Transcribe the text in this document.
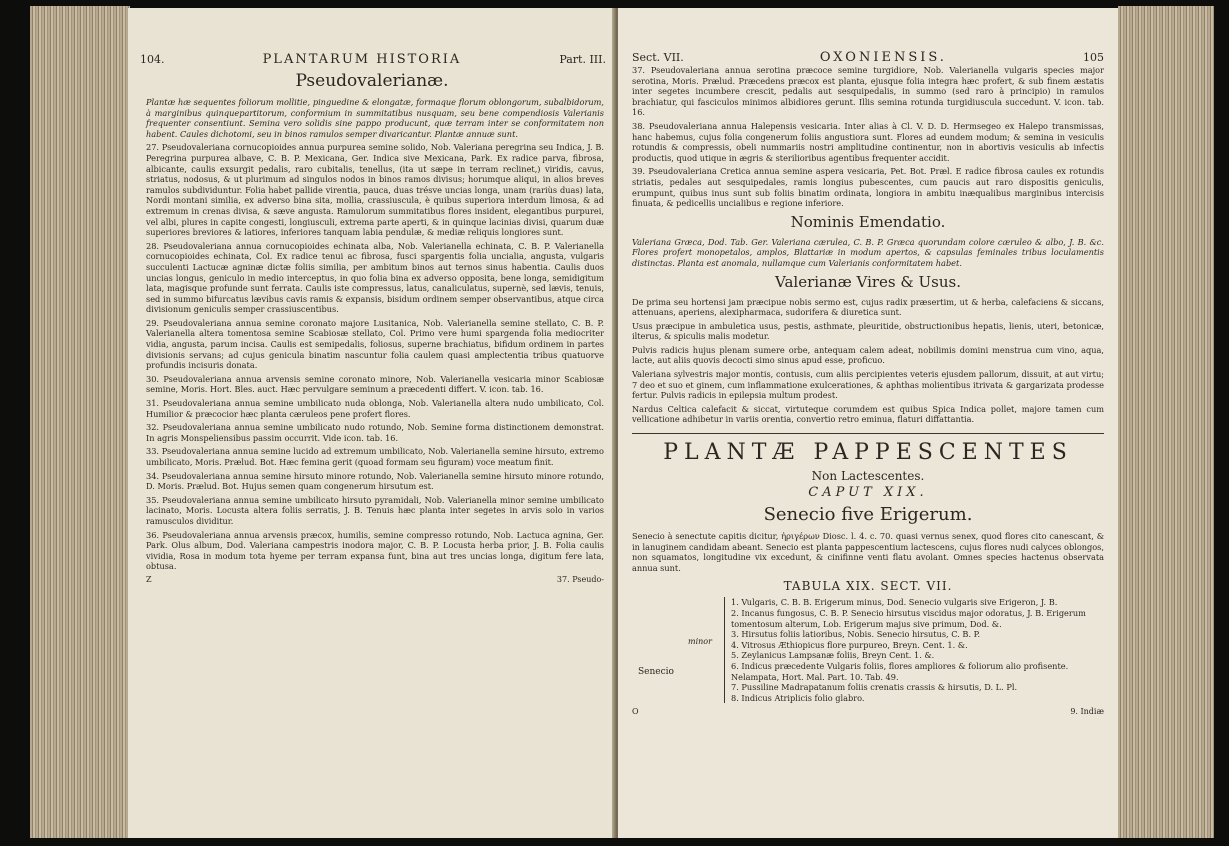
104.	PLANTARUM HISTORIA	Part. III.
Pseudovalerianæ.

Plantæ hæ sequentes foliorum mollitie, pinguedine & elongatæ, formaque florum oblongorum, subalbidorum, à marginibus quinquepartitorum, conformium in summitatibus nusquam, seu bene compendiosis Valerianis frequenter consentiunt. Semina vero solidis sine pappo producunt, quæ terram inter se conformitatem non habent. Caules dichotomi, seu in binos ramulos semper divaricantur. Plantæ annuæ sunt.

27. Pseudovaleriana cornucopioides annua purpurea semine solido, Nob. Valeriana peregrina seu Indica, J. B. Peregrina purpurea albave, C. B. P. Mexicana, Ger. Indica sive Mexicana, Park. Ex radice parva, fibrosa, albicante, caulis exsurgit pedalis, raro cubitalis, tenellus, (ita ut sæpe in terram reclinet,) viridis, cavus, striatus, nodosus, & ut plurimum ad singulos nodos in binos ramos divisus; horumque aliqui, in alios breves ramulos subdividuntur. Folia habet pallide virentia, pauca, duas trésve uncias longa, unam (rariùs duas) lata, Nordi montani similia, ex adverso bina sita, mollia, crassiuscula, è quibus superiora interdum limosa, & ad extremum in crenas divisa, & sæve angusta. Ramulorum summitatibus flores insident, elegantibus purpurei, vel albi, plures in capite congesti, longiusculi, extrema parte aperti, & in quinque lacinias divisi, quarum duæ superiores breviores & latiores, inferiores tanquam labia pendulæ, & mediæ reliquis longiores sunt.

28. Pseudovaleriana annua cornucopioides echinata alba, Nob. Valerianella echinata, C. B. P. Valerianella cornucopioides echinata, Col. Ex radice tenui ac fibrosa, fusci spargentis folia uncialia, angusta, vulgaris succulenti Lactucæ agninæ dictæ foliis similia, per ambitum binos aut ternos sinus habentia. Caulis duos uncias longus, geniculo in medio interceptus, in quo folia bina ex adverso opposita, bene longa, semidigitum lata, magisque profunde sunt ferrata. Caulis iste compressus, latus, canaliculatus, supernè, sed lævis, tenuis, sed in summo bifurcatus lævibus cavis ramis & expansis, bisidum ordinem semper observantibus, atque circa divisionum geniculis semper crassiuscentibus.

29. Pseudovaleriana annua semine coronato majore Lusitanica, Nob. Valerianella semine stellato, C. B. P. Valerianella altera tomentosa semine Scabiosæ stellato, Col. Primo vere humi spargenda folia mediocriter vidia, angusta, parum incisa. Caulis est semipedalis, foliosus, superne brachiatus, bifidum ordinem in partes divisionis servans; ad cujus genicula binatim nascuntur folia caulem quasi amplectentia tribus quatuorve profundis incisuris donata.

30. Pseudovaleriana annua arvensis semine coronato minore, Nob. Valerianella vesicaria minor Scabiosæ semine, Moris. Hort. Bles. auct. Hæc pervulgare seminum a præcedenti differt. V. icon. tab. 16.

31. Pseudovaleriana annua semine umbilicato nuda oblonga, Nob. Valerianella altera nudo umbilicato, Col. Humilior & præcocior hæc planta cæruleos pene profert flores.

32. Pseudovaleriana annua semine umbilicato nudo rotundo, Nob. Semine forma distinctionem demonstrat. In agris Monspeliensibus passim occurrit. Vide icon. tab. 16.

33. Pseudovaleriana annua semine lucido ad extremum umbilicato, Nob. Valerianella semine hirsuto, extremo umbilicato, Moris. Prælud. Bot. Hæc femina gerit (quoad formam seu figuram) voce meatum finit.

34. Pseudovaleriana annua semine hirsuto minore rotundo, Nob. Valerianella semine hirsuto minore rotundo, D. Moris. Prælud. Bot. Hujus semen quam congenerum hirsutum est.

35. Pseudovaleriana annua semine umbilicato hirsuto pyramidali, Nob. Valerianella minor semine umbilicato lacinato, Moris. Locusta altera foliis serratis, J. B. Tenuis hæc planta inter segetes in arvis solo in varios ramusculos dividitur.

36. Pseudovaleriana annua arvensis præcox, humilis, semine compresso rotundo, Nob. Lactuca agnina, Ger. Park. Olus album, Dod. Valeriana campestris inodora major, C. B. P. Locusta herba prior, J. B. Folia caulis vividia, Rosa in modum tota hyeme per terram expansa funt, bina aut tres uncias longa, digitum fere lata, obtusa.

Z	37. Pseudo-
Sect. VII.	OXONIENSIS.	105

37. Pseudovaleriana annua serotina præcoce semine turgidiore, Nob. Valerianella vulgaris species major serotina, Moris. Prælud. Præcedens præcox est planta, ejusque folia integra hæc profert, & sub finem æstatis inter segetes incumbere crescit, pedalis aut sesquipedalis, in summo (sed raro à principio) in ramulos brachiatur, qui fasciculos minimos albidiores gerunt. Illis semina rotunda turgidiuscula succedunt. V. icon. tab. 16.

38. Pseudovaleriana annua Halepensis vesicaria. Inter alias à Cl. V. D. D. Hermsegeo ex Halepo transmissas, hanc habemus, cujus folia congenerum foliis angustiora sunt. Flores ad eundem modum; & semina in vesiculis rotundis & compressis, obeli nummariis nostri amplitudine continentur, non in abortivis vesiculis ab infectis productis, quod utique in ægris & sterilioribus agentibus frequenter accidit.

39. Pseudovaleriana Cretica annua semine aspera vesicaria, Pet. Bot. Præl. E radice fibrosa caules ex rotundis striatis, pedales aut sesquipedales, ramis longius pubescentes, cum paucis aut raro dispositis geniculis, erumpunt, quibus inus sunt sub foliis binatim ordinata, longiora in ambitu inæqualibus marginibus intercisis finuata, & pedicellis uncialibus e regione inferiore.

Nominis Emendatio.

Valeriana Græca, Dod. Tab. Ger. Valeriana cærulea, C. B. P. Græca quorundam colore cæruleo & albo, J. B. &c. Flores profert monopetalos, amplos, Blattariæ in modum apertos, & capsulas feminales tribus loculamentis distinctas. Planta est anomala, nullamque cum Valerianis conformitatem habet.

Valerianæ Vires & Usus.

De prima seu hortensi jam præcipue nobis sermo est, cujus radix præsertim, ut & herba, calefaciens & siccans, attenuans, aperiens, alexipharmaca, sudorifera & diuretica sunt.

Usus præcipue in ambuletica usus, pestis, asthmate, pleuritide, obstructionibus hepatis, lienis, uteri, betonicæ, ilterus, & spiculis malis modetur.

Pulvis radicis hujus plenam sumere orbe, antequam calem adeat, nobilimis domini menstrua cum vino, aqua, lacte, aut aliis quovis decocti simo sinus apud esse, proficuo.

Valeriana sylvestris major montis, contusis, cum aliis percipientes veteris ejusdem pallorum, dissuit, at aut virtu; 7 deo et suo et ginem, cum inflammatione exulcerationes, & aphthas molientibus itrivata & gargarizata prodesse fertur. Pulvis radicis in epilepsia multum prodest.

Nardus Celtica calefacit & siccat, virtuteque corumdem est quibus Spica Indica pollet, majore tamen cum vellicatione adhibetur in variis orentia, convertio retro eminua, flaturi diffattantia.

PLANTÆ PAPPESCENTES
Non Lactescentes.
CAPUT XIX.
Senecio five Erigerum.

Senecio à senectute capitis dicitur, ἠριγέρων Diosc. l. 4. c. 70. quasi vernus senex, quod flores cito canescant, & in lanuginem candidam abeant. Senecio est planta pappescentium lactescens, cujus flores nudi calyces oblongos, non squamatos, longitudine vix excedunt, & cinifinne venti flatu avolant. Omnes species hactenus observata annua sunt.

TABULA XIX. SECT. VII.
minor
Senecio
1. Vulgaris, C. B. B. Erigerum minus, Dod. Senecio vulgaris sive Erigeron, J. B.
2. Incanus fungosus, C. B. P. Senecio hirsutus viscidus major odoratus, J. B. Erigerum tomentosum alterum, Lob. Erigerum majus sive primum, Dod. &.
3. Hirsutus foliis latioribus, Nobis. Senecio hirsutus, C. B. P.
4. Vitrosus Æthiopicus flore purpureo, Breyn. Cent. 1. &.
5. Zeylanicus Lampsanæ foliis, Breyn Cent. 1. &.
6. Indicus præcedente Vulgaris foliis, flores ampliores & foliorum alio profisente. Nelampata, Hort. Mal. Part. 10. Tab. 49.
7. Pussiline Madrapatanum foliis crenatis crassis & hirsutis, D. L. Pl.
8. Indicus Atriplicis folio glabro.
O	9. Indiæ
